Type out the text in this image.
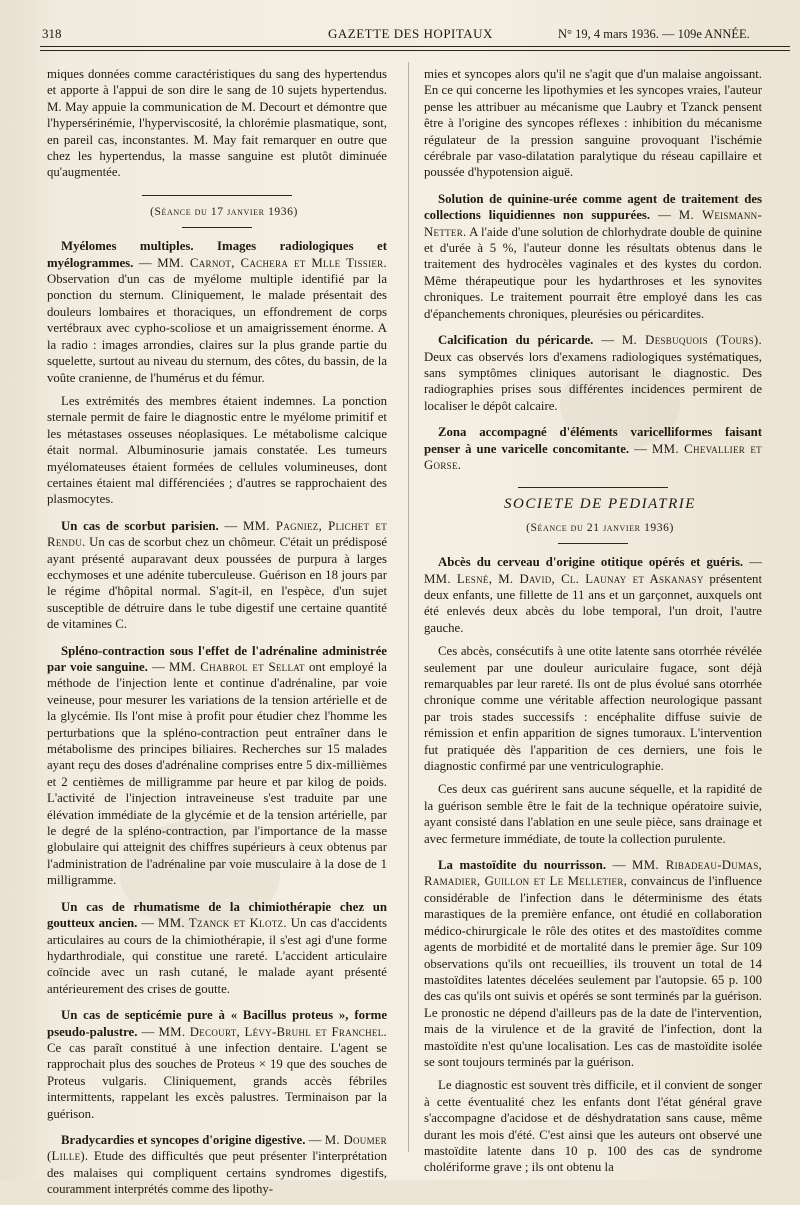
318	GAZETTE DES HOPITAUX	N° 19, 4 mars 1936. — 109e ANNÉE.

miques données comme caractéristiques du sang des hypertendus et apporte à l'appui de son dire le sang de 10 sujets hypertendus. M. May appuie la communication de M. Decourt et démontre que l'hypersérinémie, l'hyperviscosité, la chlorémie plasmatique, sont, en pareil cas, inconstantes. M. May fait remarquer en outre que chez les hypertendus, la masse sanguine est plutôt diminuée qu'augmentée.

(Séance du 17 janvier 1936)

Myélomes multiples. Images radiologiques et myélogrammes. — MM. Carnot, Cachera et Mlle Tissier. Observation d'un cas de myélome multiple identifié par la ponction du sternum. Cliniquement, le malade présentait des douleurs lombaires et thoraciques, un effondrement de corps vertébraux avec cypho-scoliose et un amaigrissement énorme. A la radio : images arrondies, claires sur la plus grande partie du squelette, surtout au niveau du sternum, des côtes, du bassin, de la voûte cranienne, de l'humérus et du fémur.

Les extrémités des membres étaient indemnes. La ponction sternale permit de faire le diagnostic entre le myélome primitif et les métastases osseuses néoplasiques. Le métabolisme calcique était normal. Albuminosurie jamais constatée. Les tumeurs myélomateuses étaient formées de cellules volumineuses, dont certaines étaient mal différenciées ; d'autres se rapprochaient des plasmocytes.

Un cas de scorbut parisien. — MM. Pagniez, Plichet et Rendu. Un cas de scorbut chez un chômeur. C'était un prédisposé ayant présenté auparavant deux poussées de purpura à larges ecchymoses et une adénite tuberculeuse. Guérison en 18 jours par le régime d'hôpital normal. S'agit-il, en l'espèce, d'un sujet susceptible de détruire dans le tube digestif une certaine quantité de vitamines C.

Spléno-contraction sous l'effet de l'adrénaline administrée par voie sanguine. — MM. Chabrol et Sellat ont employé la méthode de l'injection lente et continue d'adrénaline, par voie veineuse, pour mesurer les variations de la tension artérielle et de la glycémie. Ils l'ont mise à profit pour étudier chez l'homme les perturbations que la spléno-contraction peut entraîner dans le métabolisme des principes biliaires. Recherches sur 15 malades ayant reçu des doses d'adrénaline comprises entre 5 dix-millièmes et 2 centièmes de milligramme par heure et par kilog de poids. L'activité de l'injection intraveineuse s'est traduite par une élévation immédiate de la glycémie et de la tension artérielle, par le degré de la spléno-contraction, par l'importance de la masse globulaire qui atteignit des chiffres supérieurs à ceux obtenus par l'administration de l'adrénaline par voie musculaire à la dose de 1 milligramme.

Un cas de rhumatisme de la chimiothérapie chez un goutteux ancien. — MM. Tzanck et Klotz. Un cas d'accidents articulaires au cours de la chimiothérapie, il s'est agi d'une forme hydarthrodiale, qui constitue une rareté. L'accident articulaire coïncide avec un rash cutané, le malade ayant présenté antérieurement des crises de goutte.

Un cas de septicémie pure à « Bacillus proteus », forme pseudo-palustre. — MM. Decourt, Lévy-Bruhl et Franchel. Ce cas paraît constitué à une infection dentaire. L'agent se rapprochait plus des souches de Proteus × 19 que des souches de Proteus vulgaris. Cliniquement, grands accès fébriles intermittents, rappelant les excès palustres. Terminaison par la guérison.

Bradycardies et syncopes d'origine digestive. — M. Doumer (Lille). Etude des difficultés que peut présenter l'interprétation des malaises qui compliquent certains syndromes digestifs, couramment interprétés comme des lipothy-

mies et syncopes alors qu'il ne s'agit que d'un malaise angoissant. En ce qui concerne les lipothymies et les syncopes vraies, l'auteur pense les attribuer au mécanisme que Laubry et Tzanck pensent être à l'origine des syncopes réflexes : inhibition du mécanisme régulateur de la pression sanguine provoquant l'ischémie cérébrale par vaso-dilatation paralytique du réseau capillaire et poussée d'hypotension aiguë.

Solution de quinine-urée comme agent de traitement des collections liquidiennes non suppurées. — M. Weismann-Netter. A l'aide d'une solution de chlorhydrate double de quinine et d'urée à 5 %, l'auteur donne les résultats obtenus dans le traitement des hydrocèles vaginales et des kystes du cordon. Même thérapeutique pour les hydarthroses et les synovites chroniques. Le traitement pourrait être employé dans les cas d'épanchements chroniques, pleurésies ou péricardites.

Calcification du péricarde. — M. Desbuquois (Tours). Deux cas observés lors d'examens radiologiques systématiques, sans symptômes cliniques autorisant le diagnostic. Des radiographies prises sous différentes incidences permirent de localiser le dépôt calcaire.

Zona accompagné d'éléments varicelliformes faisant penser à une varicelle concomitante. — MM. Chevallier et Gorse.

SOCIETE DE PEDIATRIE

(Séance du 21 janvier 1936)

Abcès du cerveau d'origine otitique opérés et guéris. — MM. Lesné, M. David, Cl. Launay et Askanasy présentent deux enfants, une fillette de 11 ans et un garçonnet, auxquels ont été enlevés deux abcès du lobe temporal, l'un droit, l'autre gauche.

Ces abcès, consécutifs à une otite latente sans otorrhée révélée seulement par une douleur auriculaire fugace, sont déjà remarquables par leur rareté. Ils ont de plus évolué sans otorrhée chronique comme une véritable affection neurologique passant par trois stades successifs : encéphalite diffuse suivie de rémission et enfin apparition de signes tumoraux. L'intervention fut pratiquée dès l'apparition de ces derniers, une fois le diagnostic confirmé par une ventriculographie.

Ces deux cas guérirent sans aucune séquelle, et la rapidité de la guérison semble être le fait de la technique opératoire suivie, ayant consisté dans l'ablation en une seule pièce, sans drainage et avec fermeture immédiate, de toute la collection purulente.

La mastoïdite du nourrisson. — MM. Ribadeau-Dumas, Ramadier, Guillon et Le Melletier, convaincus de l'influence considérable de l'infection dans le déterminisme des états marastiques de la première enfance, ont étudié en collaboration médico-chirurgicale le rôle des otites et des mastoïdites comme agents de morbidité et de mortalité dans le premier âge. Sur 109 observations qu'ils ont recueillies, ils trouvent un total de 14 mastoïdites latentes décelées seulement par l'autopsie. 65 p. 100 des cas qu'ils ont suivis et opérés se sont terminés par la guérison. Le pronostic ne dépend d'ailleurs pas de la date de l'intervention, mais de la virulence et de la gravité de l'infection, dont la mastoïdite n'est qu'une localisation. Les cas de mastoïdite isolée se sont toujours terminés par la guérison.

Le diagnostic est souvent très difficile, et il convient de songer à cette éventualité chez les enfants dont l'état général grave s'accompagne d'acidose et de déshydratation sans cause, même durant les mois d'été. C'est ainsi que les auteurs ont observé une mastoïdite latente dans 10 p. 100 des cas de syndrome cholériforme grave ; ils ont obtenu la
